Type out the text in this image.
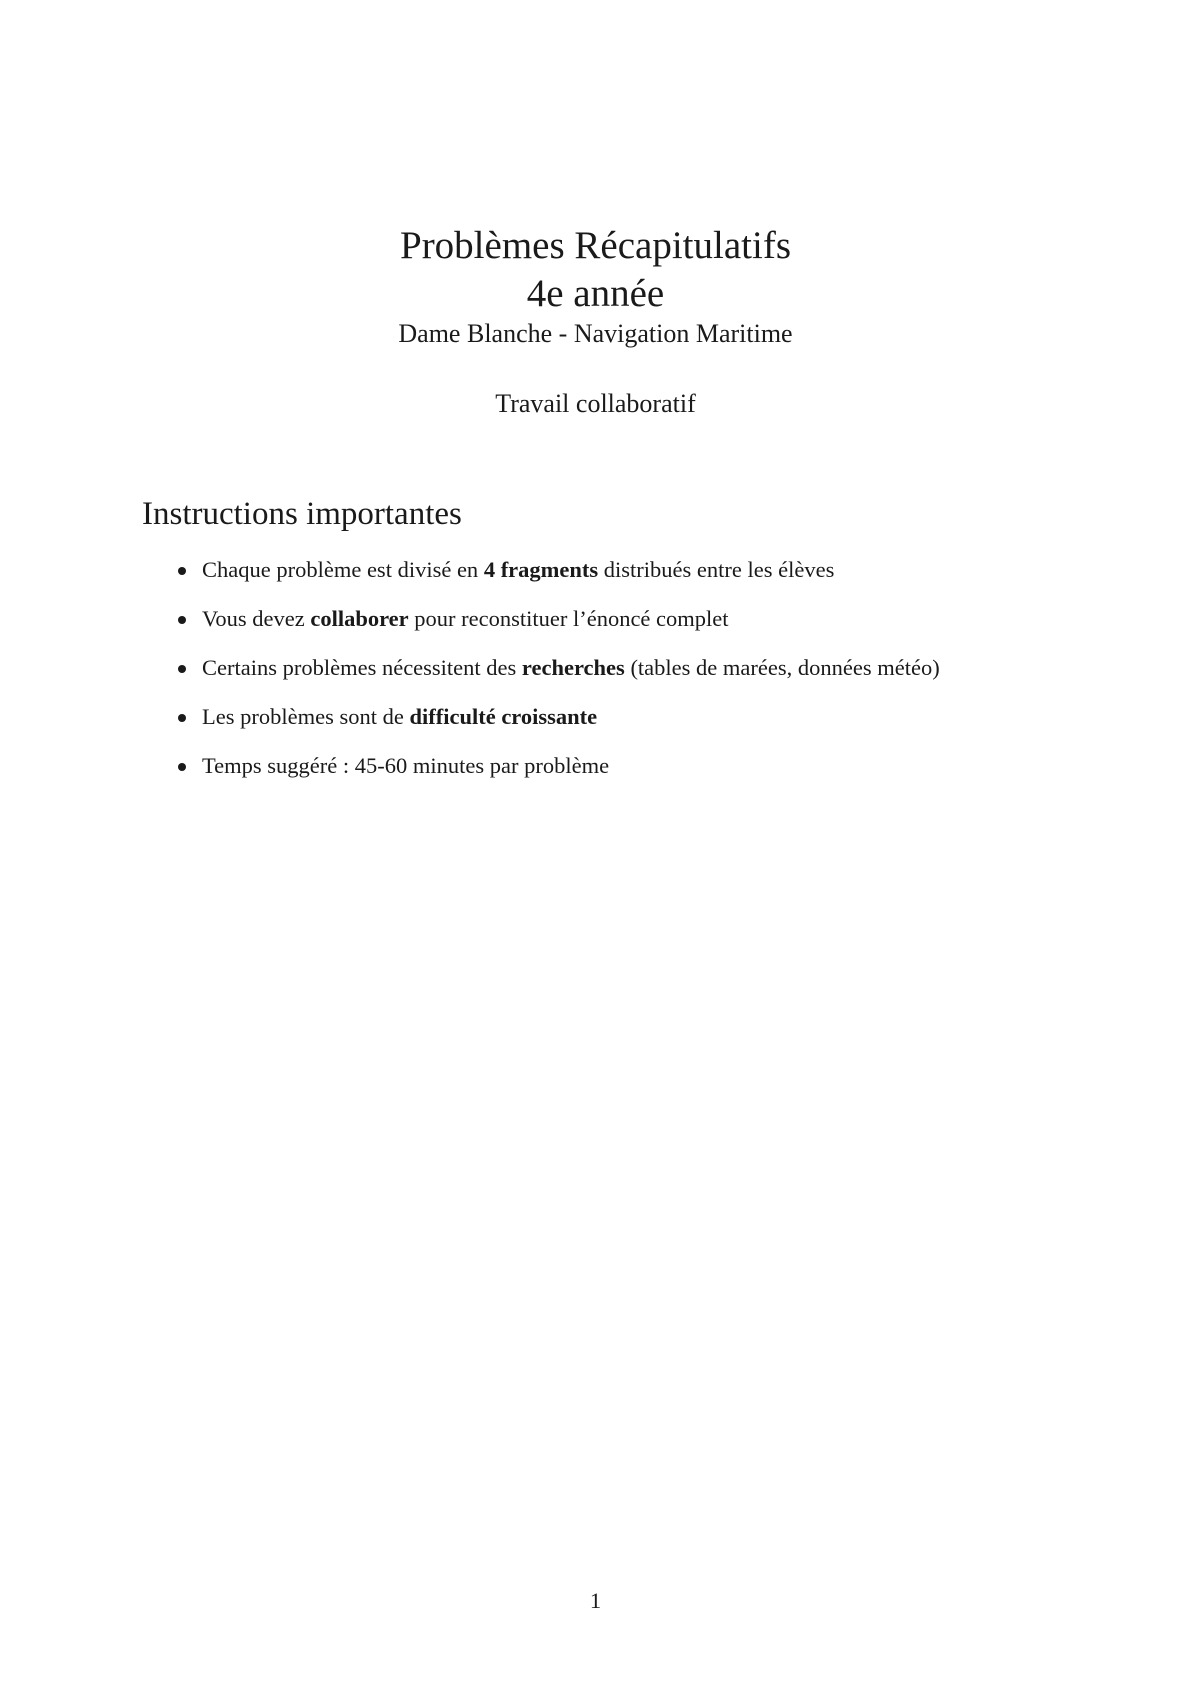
Problèmes Récapitulatifs
4e année
Dame Blanche - Navigation Maritime
Travail collaboratif
Instructions importantes
Chaque problème est divisé en 4 fragments distribués entre les élèves
Vous devez collaborer pour reconstituer l’énoncé complet
Certains problèmes nécessitent des recherches (tables de marées, données météo)
Les problèmes sont de difficulté croissante
Temps suggéré : 45-60 minutes par problème
1
